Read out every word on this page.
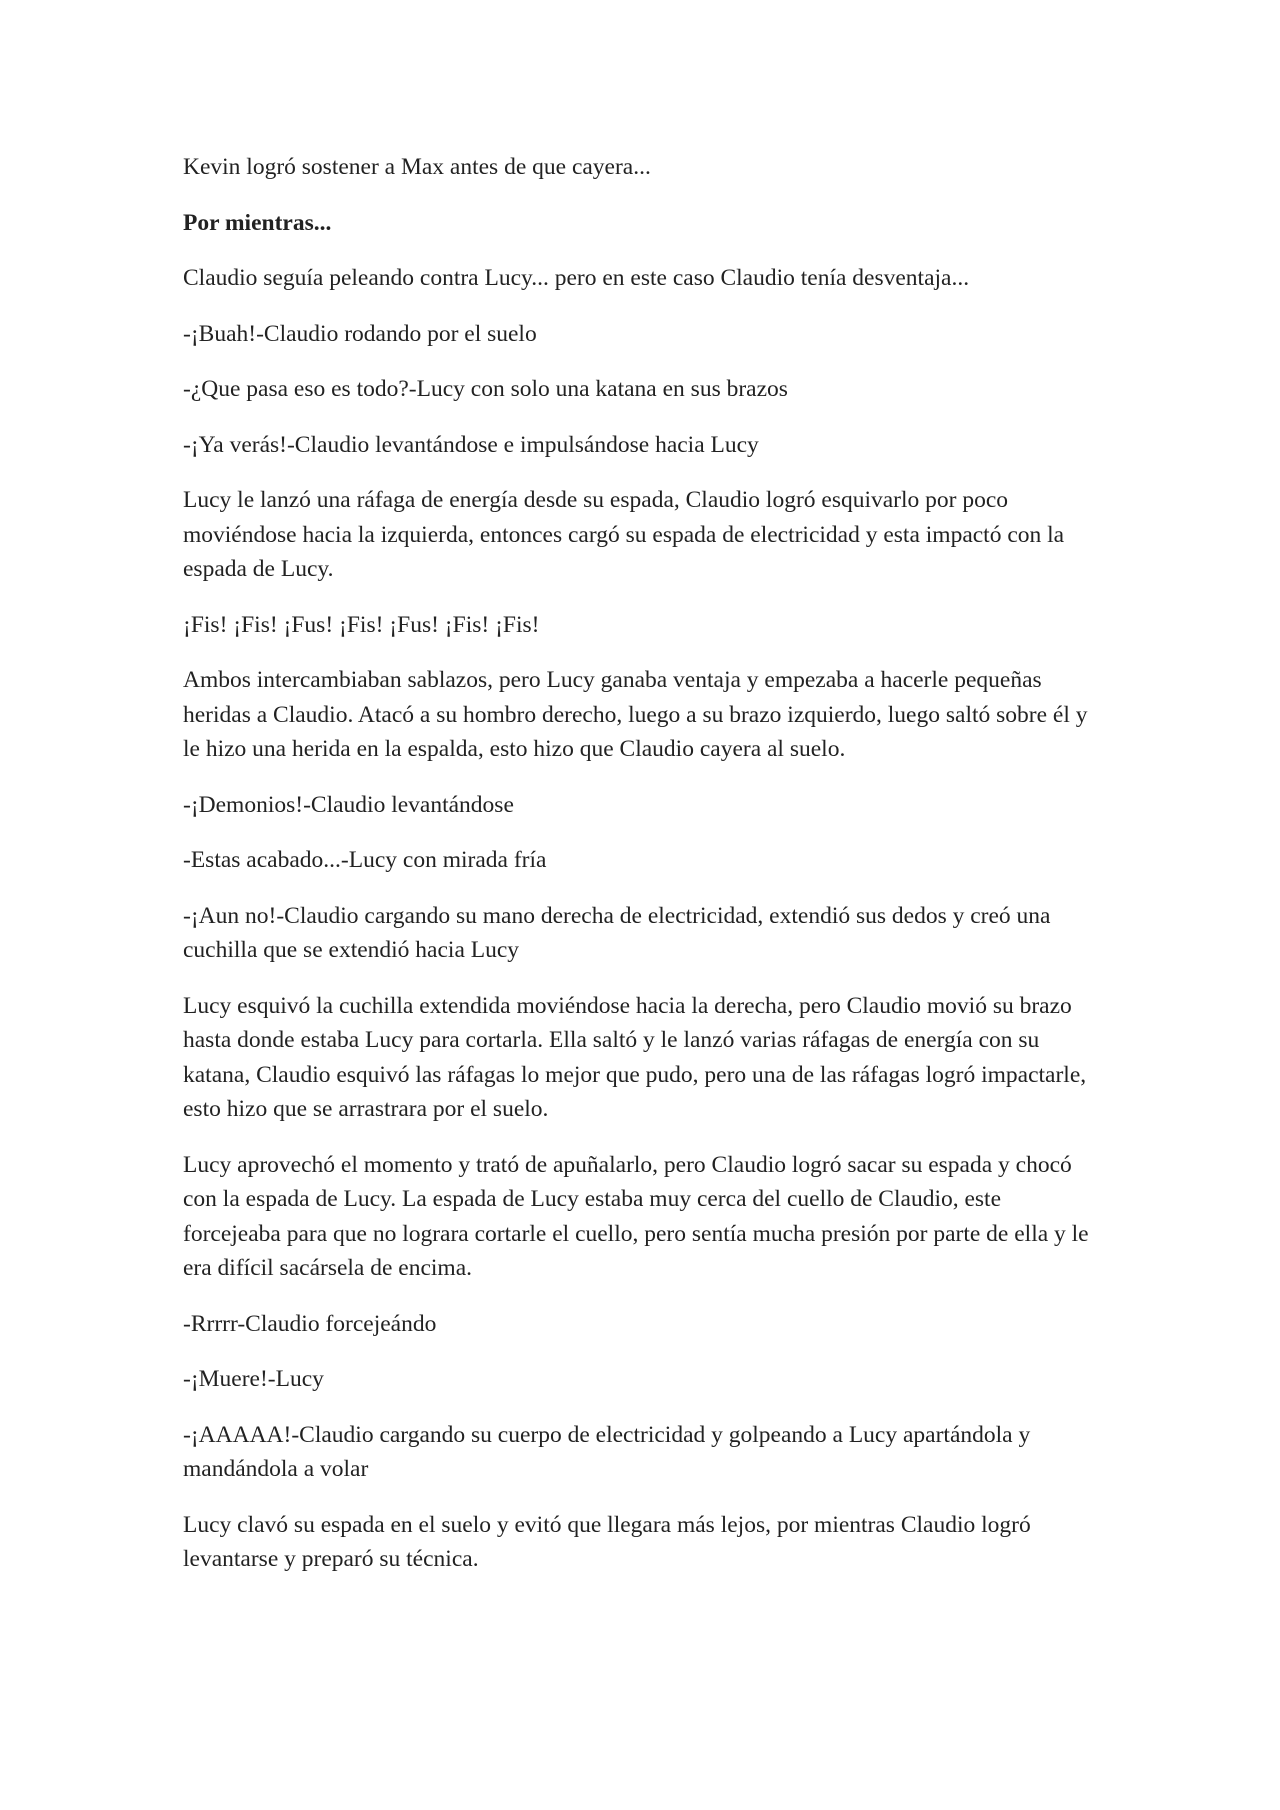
Kevin logró sostener a Max antes de que cayera...

Por mientras...

Claudio seguía peleando contra Lucy... pero en este caso Claudio tenía desventaja...

-¡Buah!-Claudio rodando por el suelo

-¿Que pasa eso es todo?-Lucy con solo una katana en sus brazos

-¡Ya verás!-Claudio levantándose e impulsándose hacia Lucy

Lucy le lanzó una ráfaga de energía desde su espada, Claudio logró esquivarlo por poco moviéndose hacia la izquierda, entonces cargó su espada de electricidad y esta impactó con la espada de Lucy.

¡Fis! ¡Fis! ¡Fus! ¡Fis! ¡Fus! ¡Fis! ¡Fis!

Ambos intercambiaban sablazos, pero Lucy ganaba ventaja y empezaba a hacerle pequeñas heridas a Claudio. Atacó a su hombro derecho, luego a su brazo izquierdo, luego saltó sobre él y le hizo una herida en la espalda, esto hizo que Claudio cayera al suelo.

-¡Demonios!-Claudio levantándose

-Estas acabado...-Lucy con mirada fría

-¡Aun no!-Claudio cargando su mano derecha de electricidad, extendió sus dedos y creó una cuchilla que se extendió hacia Lucy

Lucy esquivó la cuchilla extendida moviéndose hacia la derecha, pero Claudio movió su brazo hasta donde estaba Lucy para cortarla. Ella saltó y le lanzó varias ráfagas de energía con su katana, Claudio esquivó las ráfagas lo mejor que pudo, pero una de las ráfagas logró impactarle, esto hizo que se arrastrara por el suelo.

Lucy aprovechó el momento y trató de apuñalarlo, pero Claudio logró sacar su espada y chocó con la espada de Lucy. La espada de Lucy estaba muy cerca del cuello de Claudio, este forcejeaba para que no lograra cortarle el cuello, pero sentía mucha presión por parte de ella y le era difícil sacársela de encima.

-Rrrrr-Claudio forcejeándo

-¡Muere!-Lucy

-¡AAAAA!-Claudio cargando su cuerpo de electricidad y golpeando a Lucy apartándola y mandándola a volar

Lucy clavó su espada en el suelo y evitó que llegara más lejos, por mientras Claudio logró levantarse y preparó su técnica.
